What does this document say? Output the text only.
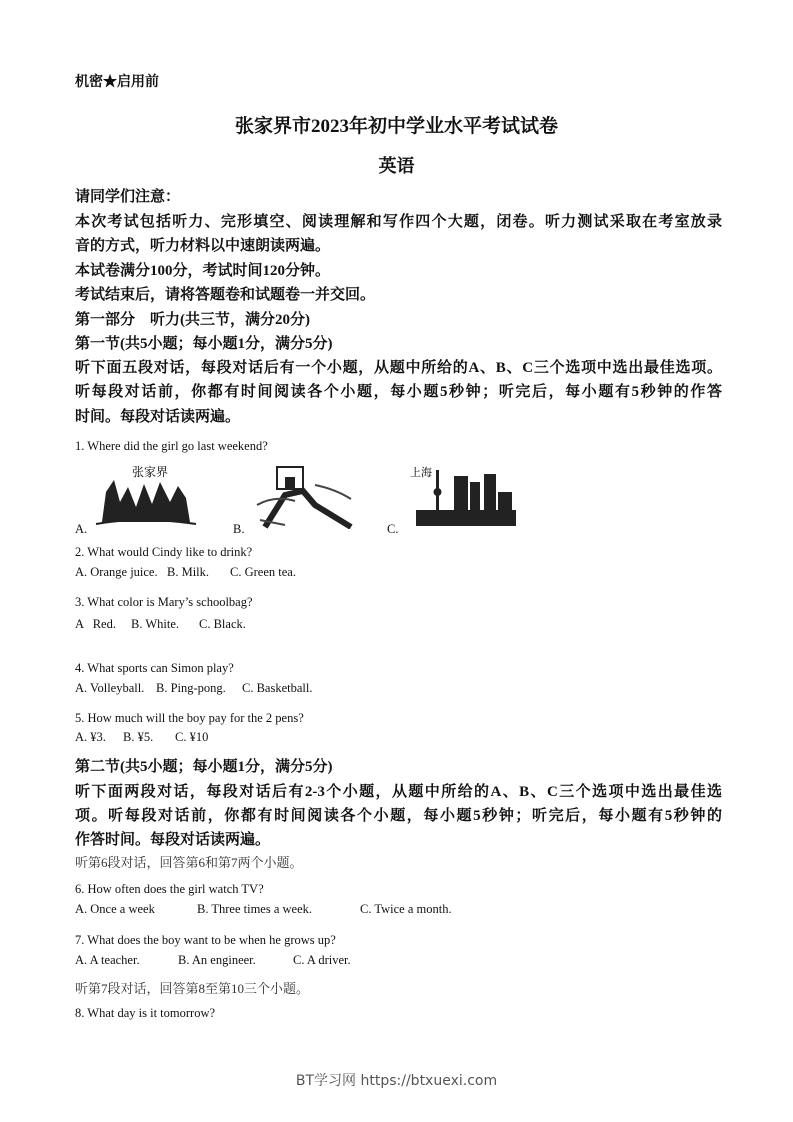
机密★启用前
张家界市2023年初中学业水平考试试卷
英语
请同学们注意：
本次考试包括听力、完形填空、阅读理解和写作四个大题，闭卷。听力测试采取在考室放录
音的方式，听力材料以中速朗读两遍。
本试卷满分100分，考试时间120分钟。
考试结束后，请将答题卷和试题卷一并交回。
第一部分　听力(共三节，满分20分)
第一节(共5小题；每小题1分，满分5分)
听下面五段对话，每段对话后有一个小题，从题中所给的A、B、C三个选项中选出最佳选项。
听每段对话前，你都有时间阅读各个小题，每小题5秒钟；听完后，每小题有5秒钟的作答
时间。每段对话读两遍。
1. Where did the girl go last weekend?
A.	B.	C.
张家界	上海
2. What would Cindy like to drink?
A. Orange juice. B. Milk. C. Green tea.
3. What color is Mary’s schoolbag?
A   Red. B. White. C. Black.
4. What sports can Simon play?
A. Volleyball. B. Ping-pong. C. Basketball.
5. How much will the boy pay for the 2 pens?
A. ¥3. B. ¥5. C. ¥10
第二节(共5小题；每小题1分，满分5分)
听下面两段对话，每段对话后有2-3个小题，从题中所给的A、B、C三个选项中选出最佳选
项。听每段对话前，你都有时间阅读各个小题，每小题5秒钟；听完后，每小题有5秒钟的
作答时间。每段对话读两遍。
听第6段对话，回答第6和第7两个小题。
6. How often does the girl watch TV?
A. Once a week	B. Three times a week.	C. Twice a month.
7. What does the boy want to be when he grows up?
A. A teacher.	B. An engineer.	C. A driver.
听第7段对话，回答第8至第10三个小题。
8. What day is it tomorrow?
BT学习网 https://btxuexi.com
